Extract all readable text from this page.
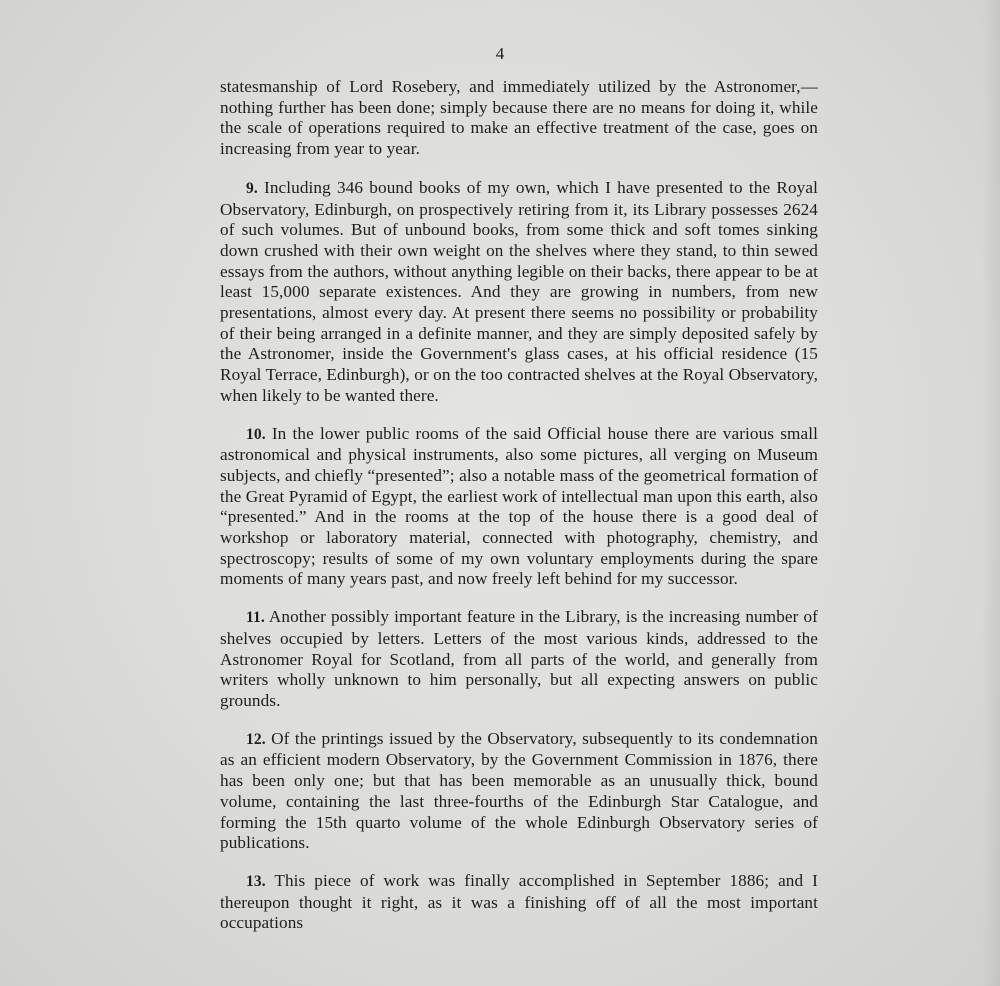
4

statesmanship of Lord Rosebery, and immediately utilized by the Astronomer,—nothing further has been done; simply because there are no means for doing it, while the scale of operations required to make an effective treatment of the case, goes on increasing from year to year.

9. Including 346 bound books of my own, which I have presented to the Royal Observatory, Edinburgh, on prospectively retiring from it, its Library possesses 2624 of such volumes. But of unbound books, from some thick and soft tomes sinking down crushed with their own weight on the shelves where they stand, to thin sewed essays from the authors, without anything legible on their backs, there appear to be at least 15,000 separate existences. And they are growing in numbers, from new presentations, almost every day. At present there seems no possibility or probability of their being arranged in a definite manner, and they are simply deposited safely by the Astronomer, inside the Government's glass cases, at his official residence (15 Royal Terrace, Edinburgh), or on the too contracted shelves at the Royal Observatory, when likely to be wanted there.

10. In the lower public rooms of the said Official house there are various small astronomical and physical instruments, also some pictures, all verging on Museum subjects, and chiefly “presented”; also a notable mass of the geometrical formation of the Great Pyramid of Egypt, the earliest work of intellectual man upon this earth, also “presented.” And in the rooms at the top of the house there is a good deal of workshop or laboratory material, connected with photography, chemistry, and spectroscopy; results of some of my own voluntary employments during the spare moments of many years past, and now freely left behind for my successor.

11. Another possibly important feature in the Library, is the increasing number of shelves occupied by letters. Letters of the most various kinds, addressed to the Astronomer Royal for Scotland, from all parts of the world, and generally from writers wholly unknown to him personally, but all expecting answers on public grounds.

12. Of the printings issued by the Observatory, subsequently to its condemnation as an efficient modern Observatory, by the Government Commission in 1876, there has been only one; but that has been memorable as an unusually thick, bound volume, containing the last three-fourths of the Edinburgh Star Catalogue, and forming the 15th quarto volume of the whole Edinburgh Observatory series of publications.

13. This piece of work was finally accomplished in September 1886; and I thereupon thought it right, as it was a finishing off of all the most important occupations
